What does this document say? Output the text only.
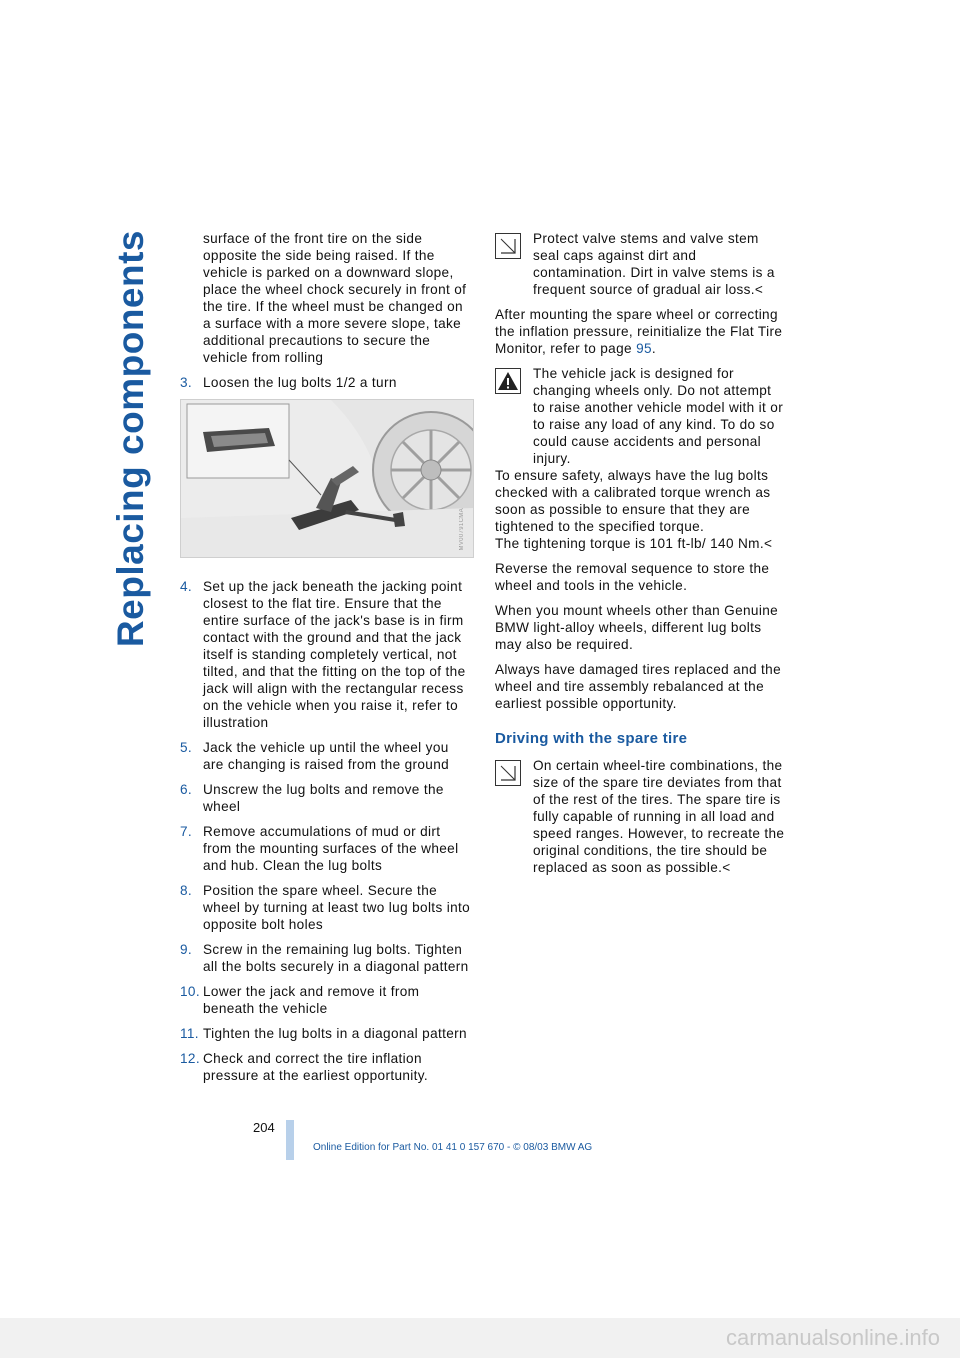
Replacing components	surface of the front tire on the side opposite the side being raised. If the vehicle is parked on a downward slope, place the wheel chock securely in front of the tire. If the wheel must be changed on a surface with a more severe slope, take additional precautions to secure the vehicle from rolling

3. Loosen the lug bolts 1/2 a turn
MV00791CMA
4. Set up the jack beneath the jacking point closest to the flat tire. Ensure that the entire surface of the jack's base is in firm contact with the ground and that the jack itself is standing completely vertical, not tilted, and that the fitting on the top of the jack will align with the rectangular recess on the vehicle when you raise it, refer to illustration
5. Jack the vehicle up until the wheel you are changing is raised from the ground
6. Unscrew the lug bolts and remove the wheel
7. Remove accumulations of mud or dirt from the mounting surfaces of the wheel and hub. Clean the lug bolts
8. Position the spare wheel. Secure the wheel by turning at least two lug bolts into opposite bolt holes
9. Screw in the remaining lug bolts. Tighten all the bolts securely in a diagonal pattern
10. Lower the jack and remove it from beneath the vehicle
11. Tighten the lug bolts in a diagonal pattern
12. Check and correct the tire inflation pressure at the earliest opportunity.
Protect valve stems and valve stem seal caps against dirt and contamination. Dirt in valve stems is a frequent source of gradual air loss.<

After mounting the spare wheel or correcting the inflation pressure, reinitialize the Flat Tire Monitor, refer to page 95.

The vehicle jack is designed for changing wheels only. Do not attempt to raise another vehicle model with it or to raise any load of any kind. To do so could cause accidents and personal injury.
To ensure safety, always have the lug bolts checked with a calibrated torque wrench as soon as possible to ensure that they are tightened to the specified torque.
The tightening torque is 101 ft-lb/ 140 Nm.<

Reverse the removal sequence to store the wheel and tools in the vehicle.

When you mount wheels other than Genuine BMW light-alloy wheels, different lug bolts may also be required.

Always have damaged tires replaced and the wheel and tire assembly rebalanced at the earliest possible opportunity.

Driving with the spare tire
On certain wheel-tire combinations, the size of the spare tire deviates from that of the rest of the tires. The spare tire is fully capable of running in all load and speed ranges. However, to recreate the original conditions, the tire should be replaced as soon as possible.<
204
Online Edition for Part No. 01 41 0 157 670 - © 08/03 BMW AG
carmanualsonline.info
